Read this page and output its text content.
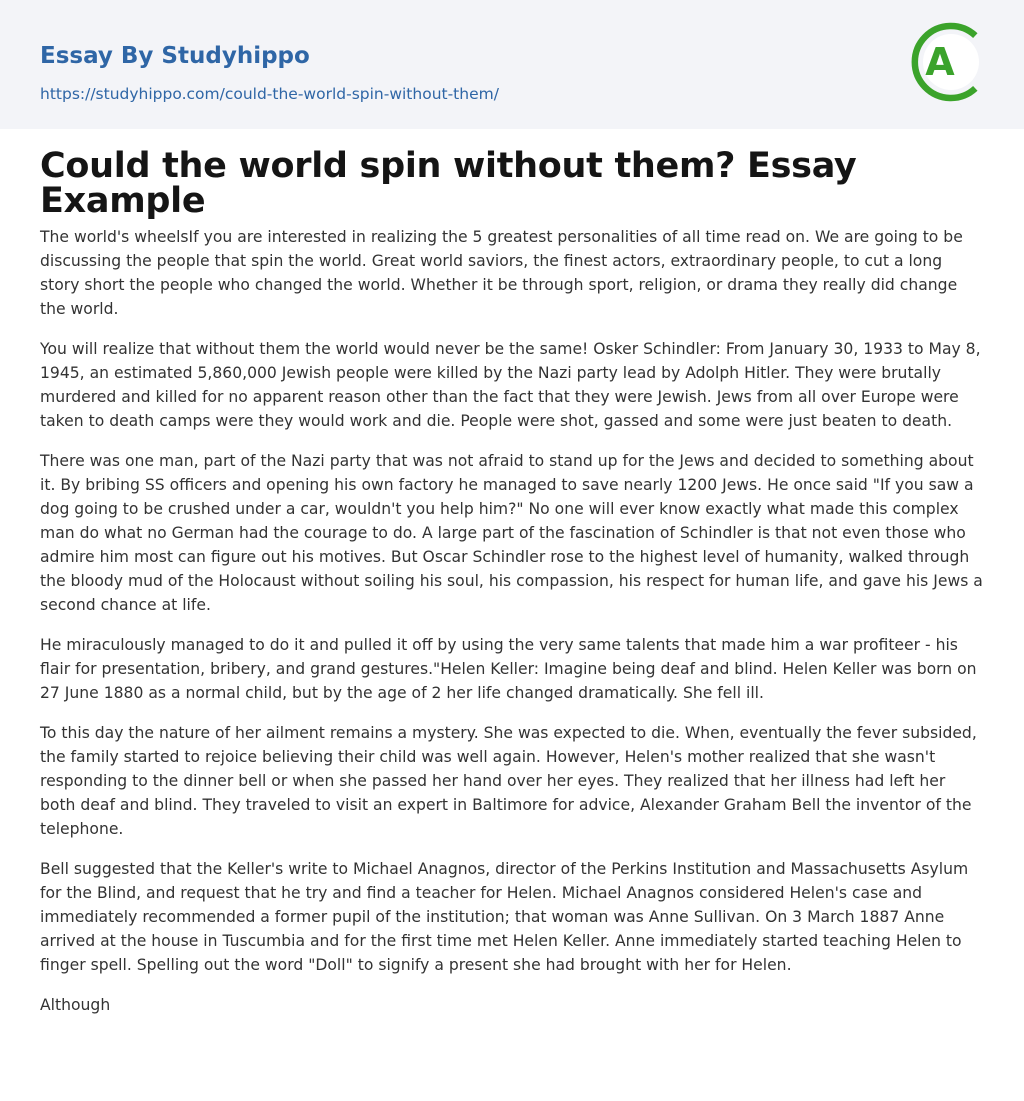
Essay By Studyhippo

https://studyhippo.com/could-the-world-spin-without-them/
A
Could the world spin without them? Essay Example

The world's wheelsIf you are interested in realizing the 5 greatest personalities of all time read on. We are going to be discussing the people that spin the world. Great world saviors, the finest actors, extraordinary people, to cut a long story short the people who changed the world. Whether it be through sport, religion, or drama they really did change the world.

You will realize that without them the world would never be the same! Osker Schindler: From January 30, 1933 to May 8, 1945, an estimated 5,860,000 Jewish people were killed by the Nazi party lead by Adolph Hitler. They were brutally murdered and killed for no apparent reason other than the fact that they were Jewish. Jews from all over Europe were taken to death camps were they would work and die. People were shot, gassed and some were just beaten to death.

There was one man, part of the Nazi party that was not afraid to stand up for the Jews and decided to something about it. By bribing SS officers and opening his own factory he managed to save nearly 1200 Jews. He once said "If you saw a dog going to be crushed under a car, wouldn't you help him?" No one will ever know exactly what made this complex man do what no German had the courage to do. A large part of the fascination of Schindler is that not even those who admire him most can figure out his motives. But Oscar Schindler rose to the highest level of humanity, walked through the bloody mud of the Holocaust without soiling his soul, his compassion, his respect for human life, and gave his Jews a second chance at life.

He miraculously managed to do it and pulled it off by using the very same talents that made him a war profiteer - his flair for presentation, bribery, and grand gestures."Helen Keller: Imagine being deaf and blind. Helen Keller was born on 27 June 1880 as a normal child, but by the age of 2 her life changed dramatically. She fell ill.

To this day the nature of her ailment remains a mystery. She was expected to die. When, eventually the fever subsided, the family started to rejoice believing their child was well again. However, Helen's mother realized that she wasn't responding to the dinner bell or when she passed her hand over her eyes. They realized that her illness had left her both deaf and blind. They traveled to visit an expert in Baltimore for advice, Alexander Graham Bell the inventor of the telephone.

Bell suggested that the Keller's write to Michael Anagnos, director of the Perkins Institution and Massachusetts Asylum for the Blind, and request that he try and find a teacher for Helen. Michael Anagnos considered Helen's case and immediately recommended a former pupil of the institution; that woman was Anne Sullivan. On 3 March 1887 Anne arrived at the house in Tuscumbia and for the first time met Helen Keller. Anne immediately started teaching Helen to finger spell. Spelling out the word "Doll" to signify a present she had brought with her for Helen.

Although
